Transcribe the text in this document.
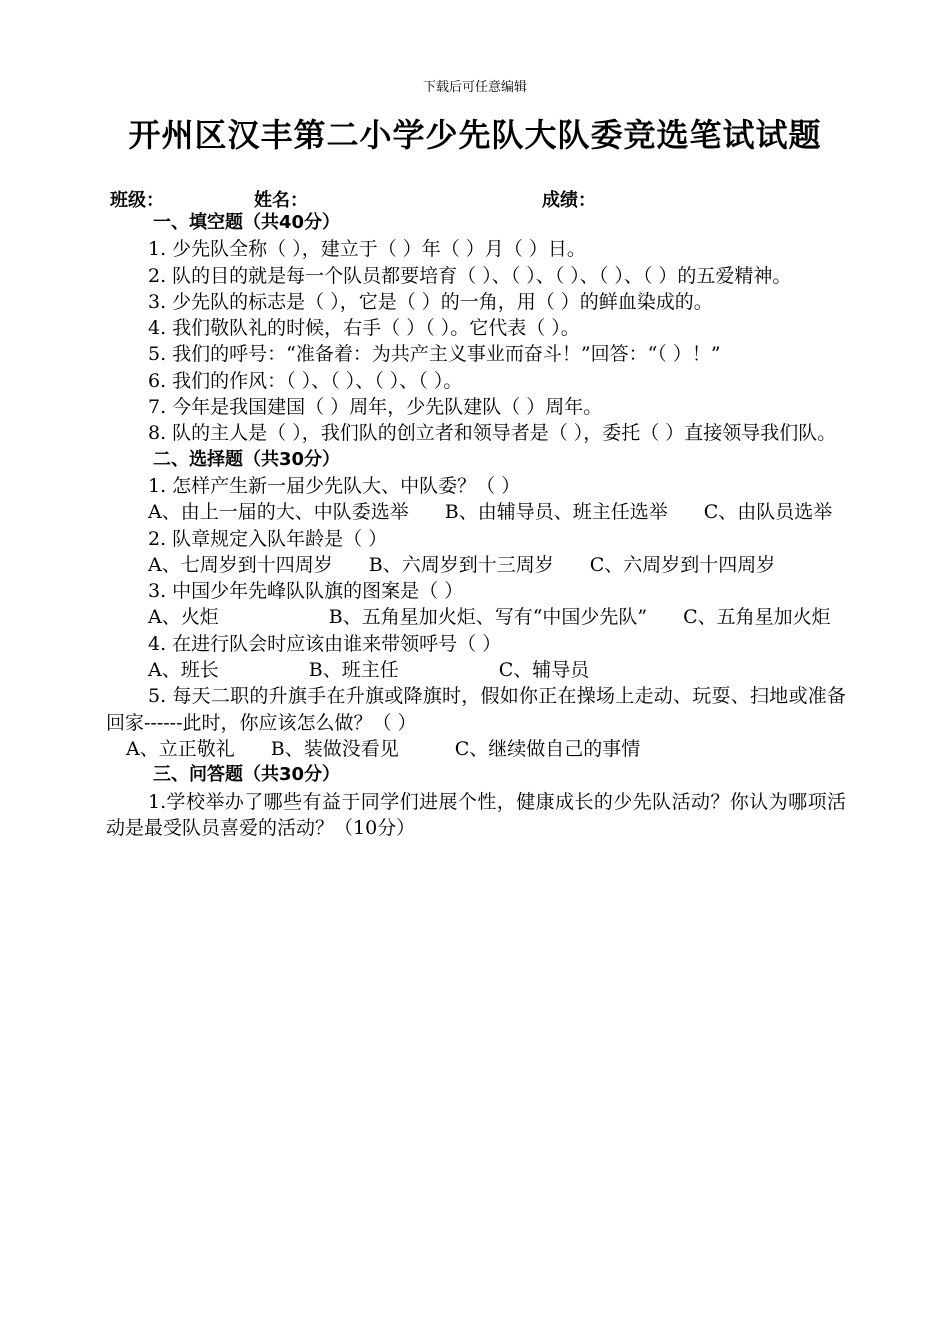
下载后可任意编辑
开州区汉丰第二小学少先队大队委竞选笔试试题
班级：	姓名：	成绩：

一、填空题（共40分）

1. 少先队全称（ ），建立于（ ）年（ ）月（ ）日。

2. 队的目的就是每一个队员都要培育（ ）、（ ）、（ ）、（ ）、（ ）的五爱精神。

3. 少先队的标志是（ ），它是（ ）的一角，用（ ）的鲜血染成的。

4. 我们敬队礼的时候，右手（ ）（ ）。它代表（ ）。

5. 我们的呼号：“准备着：为共产主义事业而奋斗！”回答：“（ ）！”

6. 我们的作风：（ ）、（ ）、（ ）、（ ）。

7. 今年是我国建国（ ）周年，少先队建队（ ）周年。

8. 队的主人是（ ），我们队的创立者和领导者是（ ），委托（ ）直接领导我们队。

二、选择题（共30分）

1. 怎样产生新一届少先队大、中队委？（ ）

A、由上一届的大、中队委选举 B、由辅导员、班主任选举 C、由队员选举

2. 队章规定入队年龄是（ ）

A、七周岁到十四周岁 B、六周岁到十三周岁 C、六周岁到十四周岁

3. 中国少年先峰队队旗的图案是（ ）

A、火炬	B、五角星加火炬、写有“中国少先队” C、五角星加火炬

4. 在进行队会时应该由谁来带领呼号（ ）

A、班长	B、班主任	C、辅导员

5. 每天二职的升旗手在升旗或降旗时，假如你正在操场上走动、玩耍、扫地或准备回家------此时，你应该怎么做？（ ）

A、立正敬礼 B、装做没看见	C、继续做自己的事情

三、问答题（共30分）

1.学校举办了哪些有益于同学们进展个性，健康成长的少先队活动？你认为哪项活动是最受队员喜爱的活动？（10分）
